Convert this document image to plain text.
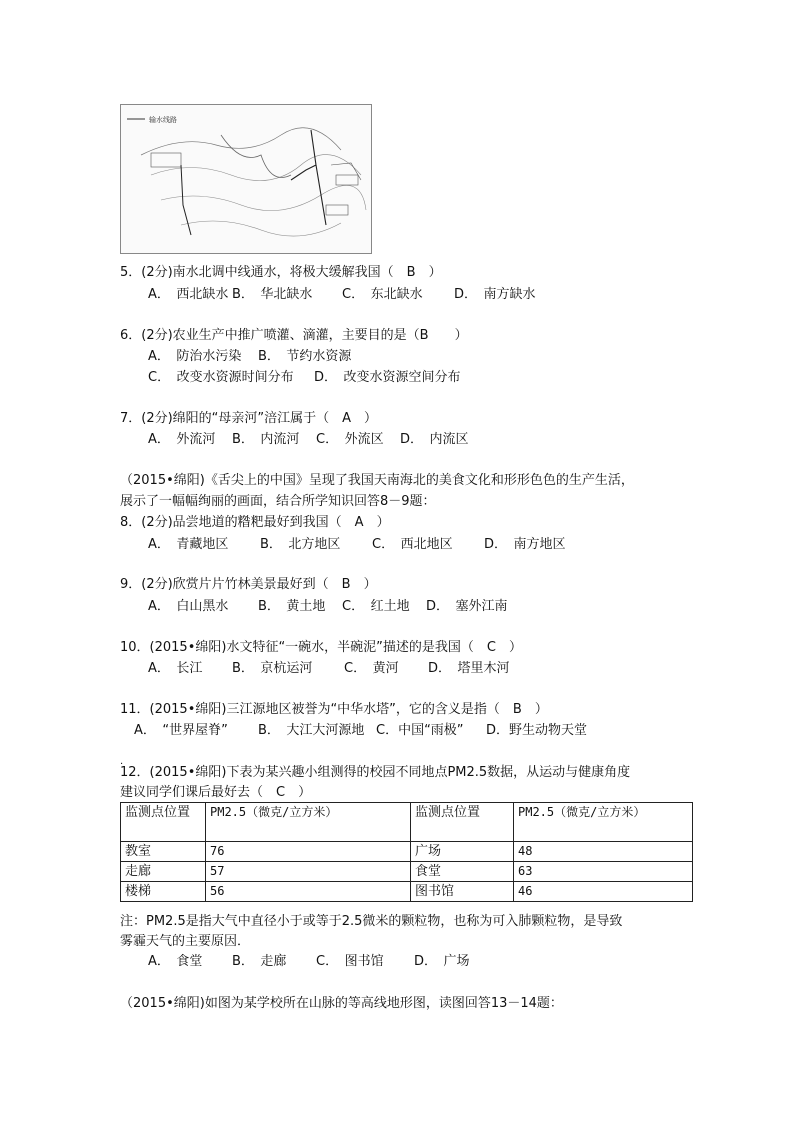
输水线路
5．(2分)南水北调中线通水，将极大缓解我国（　B　）
A．　西北缺水 B．　华北缺水 C．　东北缺水 D．　南方缺水
6．(2分)农业生产中推广喷灌、滴灌，主要目的是（B　　）
A．　防治水污染 B．　节约水资源
C．　改变水资源时间分布 D．　改变水资源空间分布
7．(2分)绵阳的“母亲河”涪江属于（　A　）
A．　外流河 B．　内流河 C．　外流区 D．　内流区
（2015•绵阳)《舌尖上的中国》呈现了我国天南海北的美食文化和形形色色的生产生活，
展示了一幅幅绚丽的画面，结合所学知识回答8－9题：
8．(2分)品尝地道的糌粑最好到我国（　A　）
A．　青藏地区 B．　北方地区 C．　西北地区 D．　南方地区
9．(2分)欣赏片片竹林美景最好到（　B　）
A．　白山黑水 B．　黄土地 C．　红土地 D．　塞外江南
10．(2015•绵阳)水文特征“一碗水，半碗泥”描述的是我国（　C　）
A．　长江 B．　京杭运河 C．　黄河 D．　塔里木河
11．(2015•绵阳)三江源地区被誉为“中华水塔”，它的含义是指（　B　）
A．　“世界屋脊” B．　大江大河源地 C．中国“雨极” D．野生动物天堂
.
12．(2015•绵阳)下表为某兴趣小组测得的校园不同地点PM2.5数据，从运动与健康角度
建议同学们课后最好去（　C　）
监测点位置	PM2.5（微克/立方米）	监测点位置	PM2.5（微克/立方米）
教室	76	广场	48
走廊	57	食堂	63
楼梯	56	图书馆	46
注：PM2.5是指大气中直径小于或等于2.5微米的颗粒物，也称为可入肺颗粒物，是导致
雾霾天气的主要原因．
A．　食堂 B．　走廊 C．　图书馆 D．　广场
（2015•绵阳)如图为某学校所在山脉的等高线地形图，读图回答13－14题：
